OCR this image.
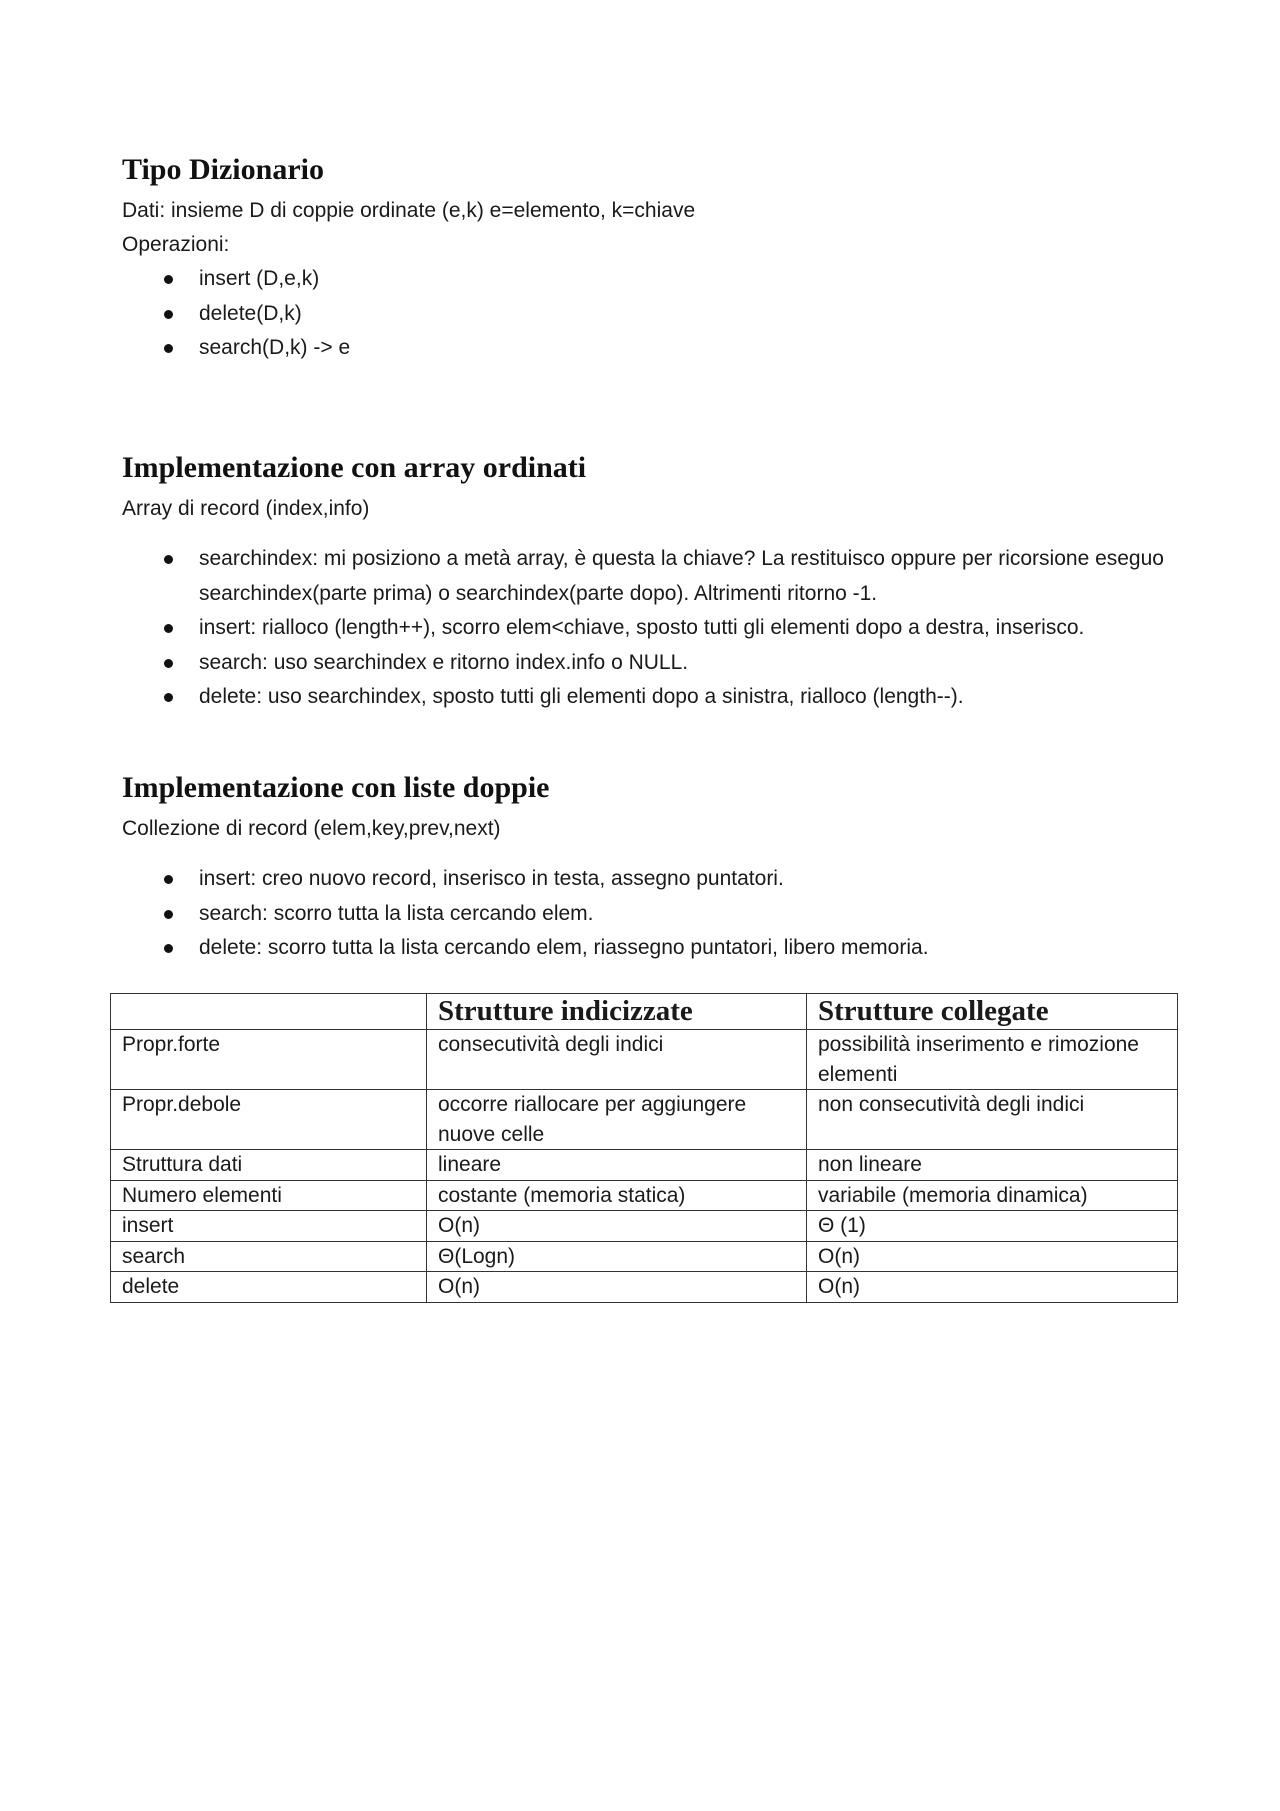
Tipo Dizionario

Dati: insieme D di coppie ordinate (e,k) e=elemento, k=chiave

Operazioni:

insert (D,e,k)
delete(D,k)
search(D,k) -> e
Implementazione con array ordinati

Array di record (index,info)

searchindex: mi posiziono a metà array, è questa la chiave? La restituisco oppure per ricorsione eseguo searchindex(parte prima) o searchindex(parte dopo). Altrimenti ritorno -1.
insert: rialloco (length++), scorro elem<chiave, sposto tutti gli elementi dopo a destra, inserisco.
search: uso searchindex e ritorno index.info o NULL.
delete: uso searchindex, sposto tutti gli elementi dopo a sinistra, rialloco (length--).
Implementazione con liste doppie

Collezione di record (elem,key,prev,next)

insert: creo nuovo record, inserisco in testa, assegno puntatori.
search: scorro tutta la lista cercando elem.
delete: scorro tutta la lista cercando elem, riassegno puntatori, libero memoria.
	Strutture indicizzate	Strutture collegate
Propr.forte	consecutività degli indici	possibilità inserimento e rimozione elementi
Propr.debole	occorre riallocare per aggiungere nuove celle	non consecutività degli indici
Struttura dati	lineare	non lineare
Numero elementi	costante (memoria statica)	variabile (memoria dinamica)
insert	O(n)	Θ (1)
search	Θ(Logn)	O(n)
delete	O(n)	O(n)
